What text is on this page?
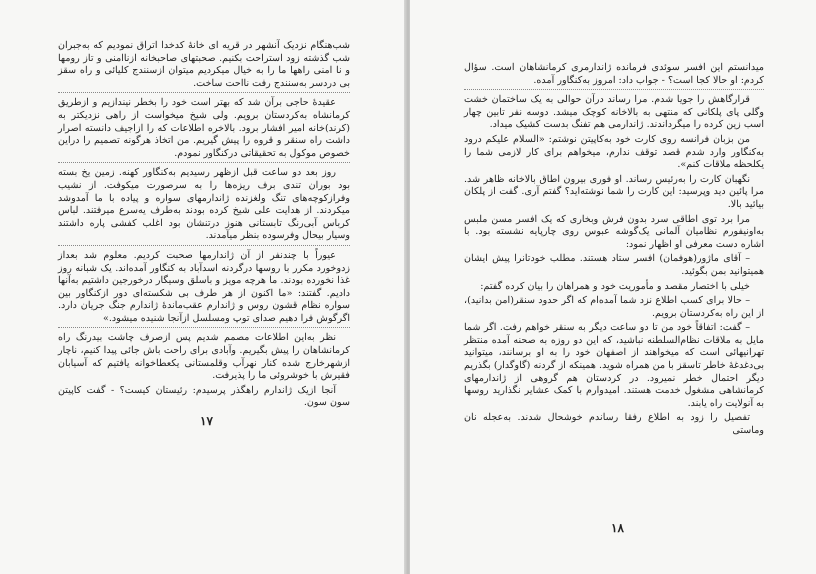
شب‌هنگام نزدیک آنشهر در قریه ای خانهٔ کدخدا اتراق نمودیم که به‌جبران شب گذشته زود استراحت بکنیم. صحبتهای صاحبخانه ازناامنی و تاز رومها و نا امنی راهها ما را به خیال میکردیم میتوان ازسنندج کلیائی و راه سقز بی دردسر به‌سنندج رفت نااحت ساخت.

عقیدهٔ حاجی برآن شد که بهتر است خود را بخطر نیندازیم و ازطریق کرمانشاه به‌کردستان برویم. ولی شیخ میخواست از راهی نزدیکتر به (کرند)خانه امیر افشار برود. بالاخره اطلاعات که را ازاجیف دانسته اصرار داشت راه سنقر و قروه را پیش گیریم. من اتخاذ هرگونه تصمیم را دراین خصوص موکول به تحقیقاتی درکنگاور نمودم.

روز بعد دو ساعت قبل ازظهر رسیدیم به‌کنگاور کهنه. زمین یخ بسته بود بوران تندی برف ریزه‌ها را به سرصورت میکوفت. از نشیب وفرازکوچه‌های تنگ ولغزنده ژاندارمهای سواره و پیاده با ما آمدوشد میکردند. از هدایت علی شیخ کرده بودند به‌طرف یه‌سرع میرفتند. لباس کرباس آبی‌رنگ تابستانی هنوز درتنشان بود اغلب کفشی پاره داشتند وسیار بیحال وفرسوده بنظر میآمدند.

عیوراً با چندنفر از آن ژاندارمها صحبت کردیم. معلوم شد بعداز زدوخورد مکرر با روسها درگردنه اسدآباد به کنگاور آمده‌اند. یک شبانه روز غذا نخورده بودند. ما هرچه مویز و باسلق وسیگار درخورجین داشتیم به‌آنها دادیم. گفتند: «ما اکنون از هر طرف بی شکسته‌ای دور ازکنگاور بین سواره نظام قشون روس و ژاندارم عقب‌ماندهٔ ژاندارم جنگ جریان دارد. اگرگوش فرا دهیم صدای توپ ومسلسل ازآنجا شنیده میشود.»

نظر به‌این اطلاعات مصمم شدیم پس ازصرف چاشت بیدرنگ راه کرمانشاهان را پیش بگیریم. وآبادی برای راحت باش جائی پیدا کنیم، ناچار ازشهرخارج شده کنار نهرآب وقلمستانی یکعطاخوانه یافتیم که آسیابان فقیرش با خوشروئی ما را پذیرفت.

آنجا ازیک ژاندارم راهگذر پرسیدم: رئیستان کیست؟ - گفت کاپیتن سون سون.

١٧

میدانستم این افسر سوئدی فرمانده ژاندارمری کرمانشاهان است. سؤال کردم: او حالا کجا است؟ - جواب داد: امروز به‌کنگاور آمده.

قرارگاهش را جویا شدم. مرا رساند درآن حوالی به یک ساختمان خشت وگلی پای پلکانی که منتهی به بالاخانه کوچک میشد. دوسه نفر تابین چهار اسب زین کرده را میگرداندند. ژاندارمی هم تفنگ بدست کشیک میداد.

من بزبان فرانسه روی کارت خود به‌کاپیتن نوشتم: «السلام علیکم درود به‌کنگاور وارد شدم قصد توقف ندارم، میخواهم برای کار لازمی شما را یکلحظه ملاقات کنم».

نگهبان کارت را به‌رئیس رساند. او فوری بیرون اطاق بالاخانه ظاهر شد. مرا پائین دید وپرسید: این کارت را شما نوشته‌اید؟ گفتم آری. گفت از پلکان بیائید بالا.

مرا برد توی اطاقی سرد بدون فرش وبخاری که یک افسر مسن ملبس به‌اونیفورم نظامیان آلمانی یک‌گوشه عبوس روی چارپایه نشسته بود. با اشاره دست معرفی او اظهار نمود:

– آقای ماژور(هوفمان) افسر ستاد هستند. مطلب خودتانرا پیش ایشان همیتوانید بمن بگوئید.

خیلی با اختصار مقصد و مأموریت خود و همراهان را بیان کرده گفتم:

– حالا برای کسب اطلاع نزد شما آمده‌ام که اگر حدود سنقر(امن بدانید)، از این راه به‌کردستان برویم.

– گفت: اتفاقاً خود من تا دو ساعت دیگر به سنقر خواهم رفت. اگر شما مایل به ملاقات نظام‌السلطنه نباشید، که این دو روزه به صحنه آمده منتظر تهرانیهائی است که میخواهند از اصفهان خود را به او برسانند، میتوانید بی‌دغدغهٔ خاطر تاسقز با من همراه شوید. همینکه از گردنه (گاوگدار) بگذریم دیگر احتمال خطر نمیرود. در کردستان هم گروهی از ژاندارمهای کرمانشاهی مشغول خدمت هستند. امیدوارم با کمک عشایر نگذارید روسها به آنولایت راه یابند.

تفصیل را زود به اطلاع رفقا رساندم خوشحال شدند. به‌عجله نان وماستی

١٨
